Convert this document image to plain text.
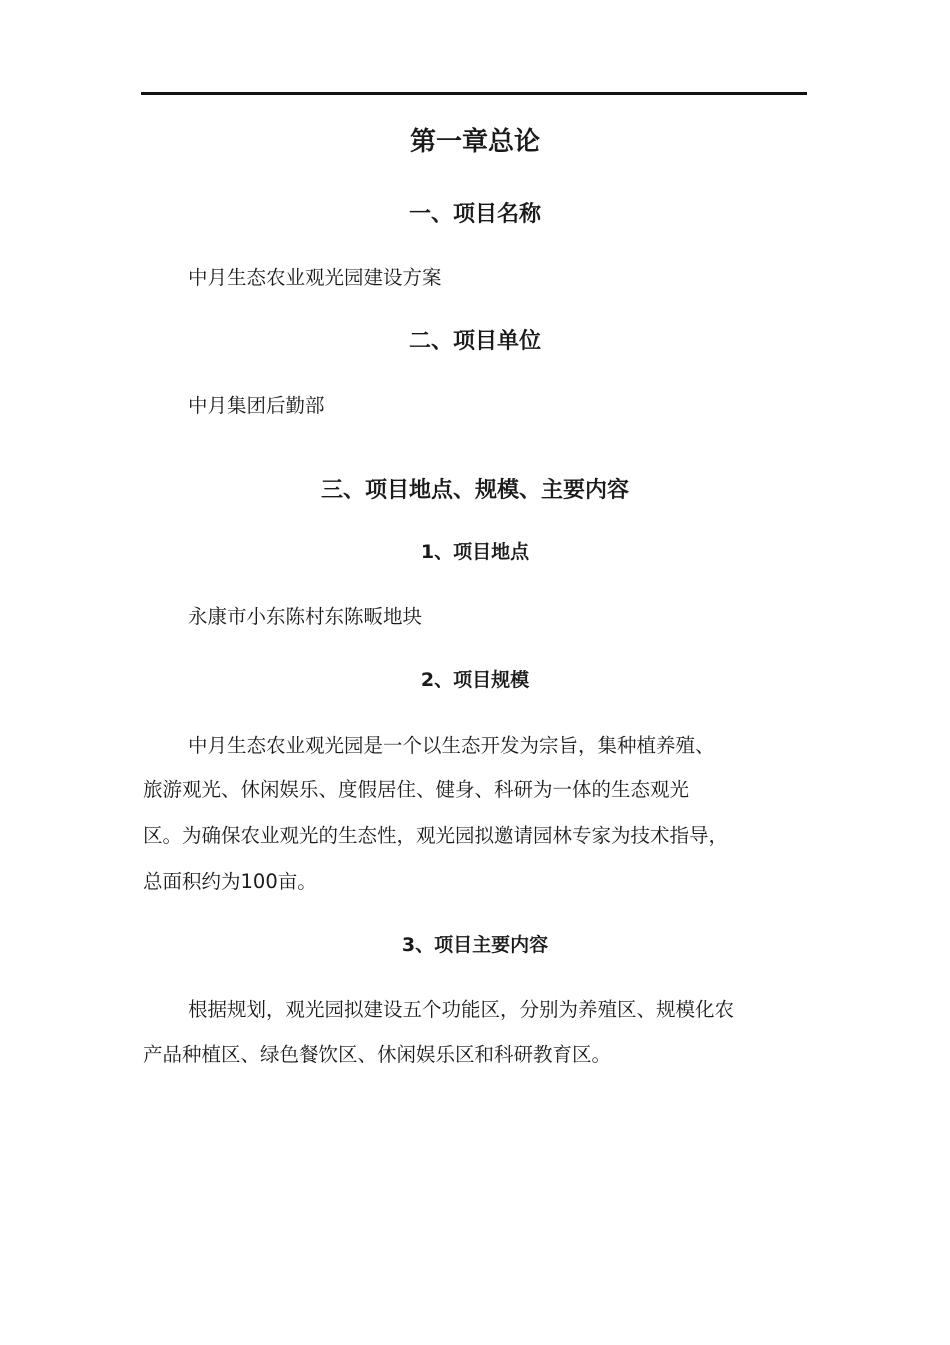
第一章总论
一、项目名称

中月生态农业观光园建设方案

二、项目单位

中月集团后勤部

三、项目地点、规模、主要内容
1、项目地点

永康市小东陈村东陈畈地块

2、项目规模

中月生态农业观光园是一个以生态开发为宗旨，集种植养殖、

旅游观光、休闲娱乐、度假居住、健身、科研为一体的生态观光

区。为确保农业观光的生态性，观光园拟邀请园林专家为技术指导，

总面积约为100亩。

3、项目主要内容

根据规划，观光园拟建设五个功能区，分别为养殖区、规模化农

产品种植区、绿色餐饮区、休闲娱乐区和科研教育区。
